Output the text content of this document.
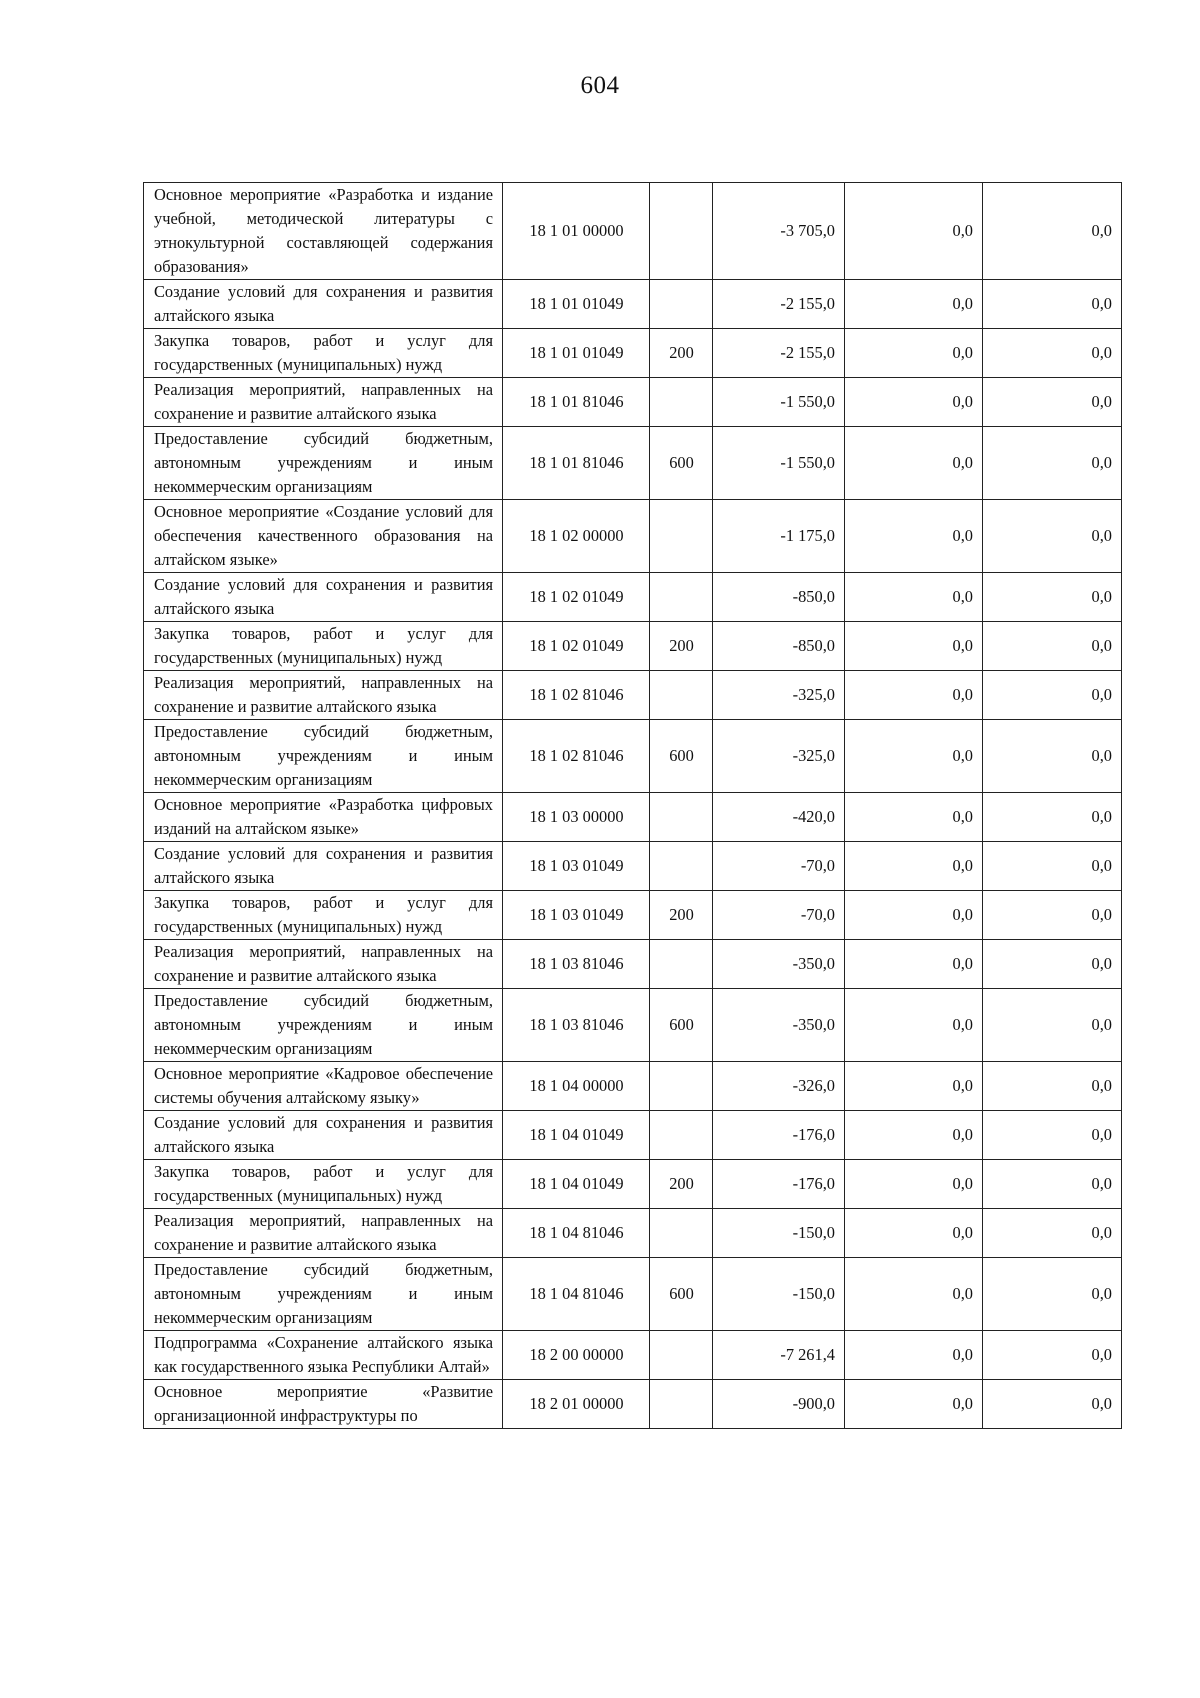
604
Основное мероприятие «Разработка и издание учебной, методической литературы с этнокультурной составляющей содержания образования»	18 1 01 00000		-3 705,0	0,0	0,0
Создание условий для сохранения и развития алтайского языка	18 1 01 01049		-2 155,0	0,0	0,0
Закупка товаров, работ и услуг для государственных (муниципальных) нужд	18 1 01 01049	200	-2 155,0	0,0	0,0
Реализация мероприятий, направленных на сохранение и развитие алтайского языка	18 1 01 81046		-1 550,0	0,0	0,0
Предоставление субсидий бюджетным, автономным учреждениям и иным некоммерческим организациям	18 1 01 81046	600	-1 550,0	0,0	0,0
Основное мероприятие «Создание условий для обеспечения качественного образования на алтайском языке»	18 1 02 00000		-1 175,0	0,0	0,0
Создание условий для сохранения и развития алтайского языка	18 1 02 01049		-850,0	0,0	0,0
Закупка товаров, работ и услуг для государственных (муниципальных) нужд	18 1 02 01049	200	-850,0	0,0	0,0
Реализация мероприятий, направленных на сохранение и развитие алтайского языка	18 1 02 81046		-325,0	0,0	0,0
Предоставление субсидий бюджетным, автономным учреждениям и иным некоммерческим организациям	18 1 02 81046	600	-325,0	0,0	0,0
Основное мероприятие «Разработка цифровых изданий на алтайском языке»	18 1 03 00000		-420,0	0,0	0,0
Создание условий для сохранения и развития алтайского языка	18 1 03 01049		-70,0	0,0	0,0
Закупка товаров, работ и услуг для государственных (муниципальных) нужд	18 1 03 01049	200	-70,0	0,0	0,0
Реализация мероприятий, направленных на сохранение и развитие алтайского языка	18 1 03 81046		-350,0	0,0	0,0
Предоставление субсидий бюджетным, автономным учреждениям и иным некоммерческим организациям	18 1 03 81046	600	-350,0	0,0	0,0
Основное мероприятие «Кадровое обеспечение системы обучения алтайскому языку»	18 1 04 00000		-326,0	0,0	0,0
Создание условий для сохранения и развития алтайского языка	18 1 04 01049		-176,0	0,0	0,0
Закупка товаров, работ и услуг для государственных (муниципальных) нужд	18 1 04 01049	200	-176,0	0,0	0,0
Реализация мероприятий, направленных на сохранение и развитие алтайского языка	18 1 04 81046		-150,0	0,0	0,0
Предоставление субсидий бюджетным, автономным учреждениям и иным некоммерческим организациям	18 1 04 81046	600	-150,0	0,0	0,0
Подпрограмма «Сохранение алтайского языка как государственного языка Республики Алтай»	18 2 00 00000		-7 261,4	0,0	0,0
Основное мероприятие «Развитие организационной инфраструктуры по	18 2 01 00000		-900,0	0,0	0,0
